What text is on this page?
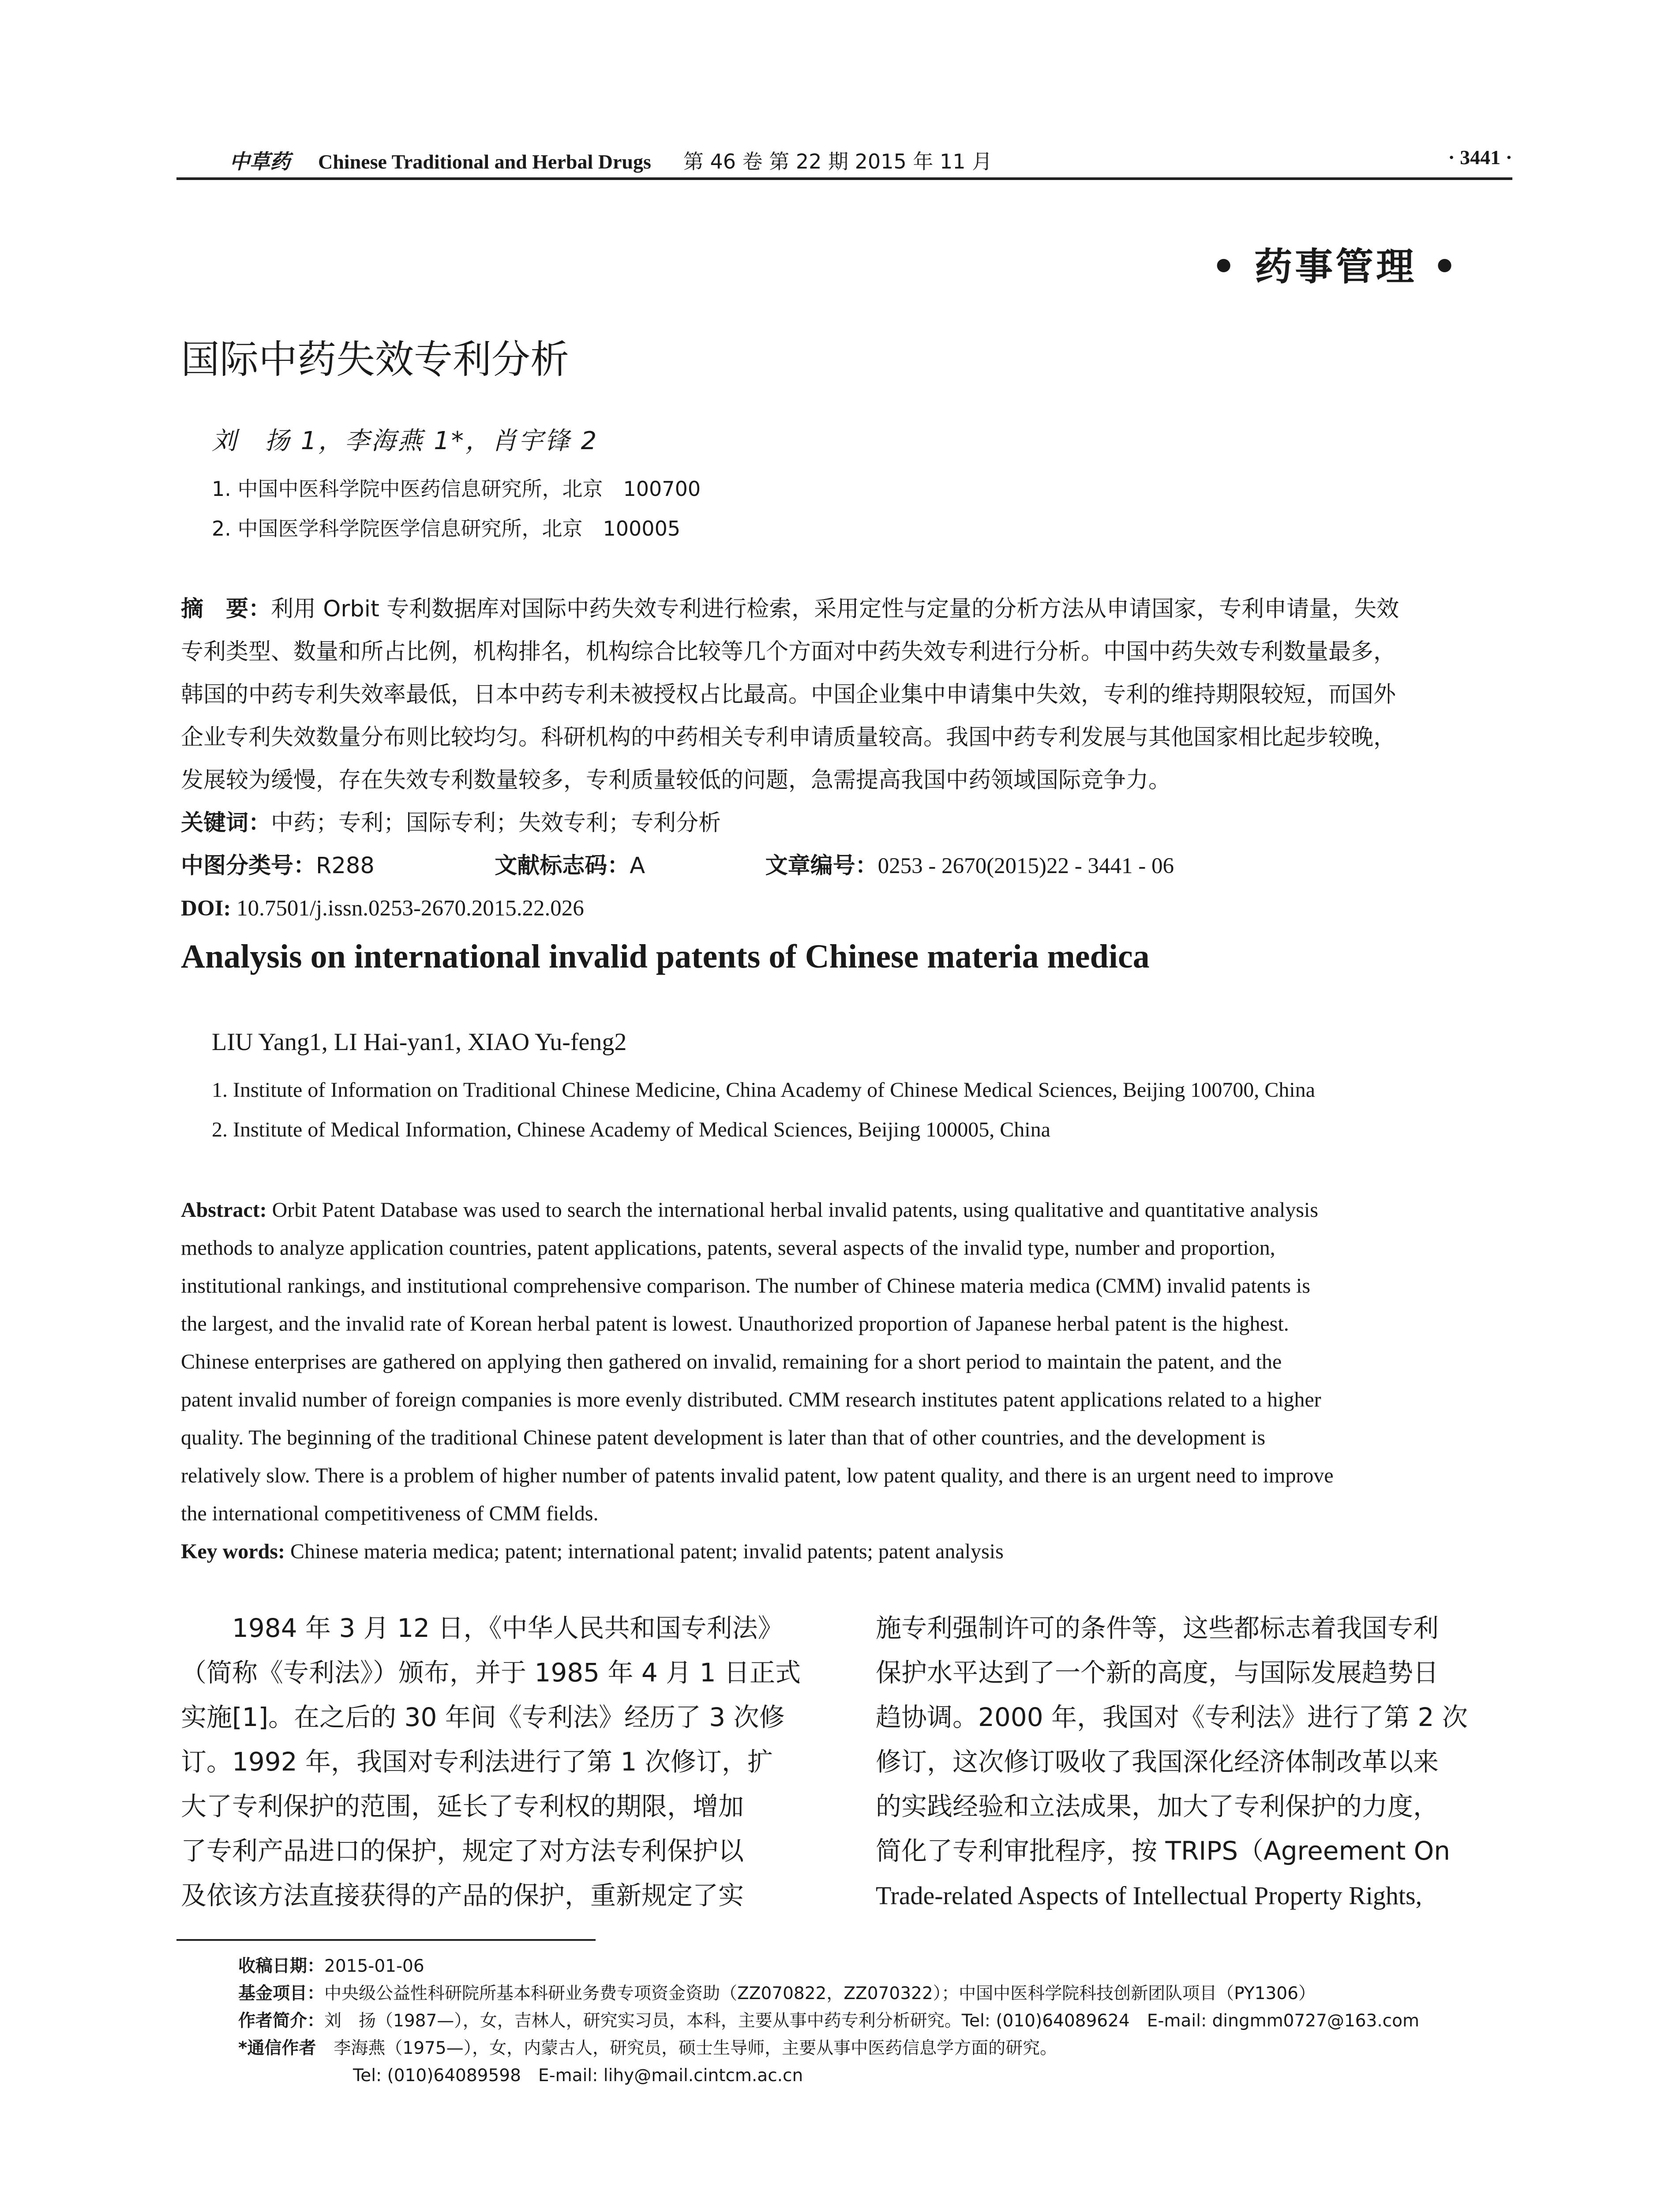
中草药 Chinese Traditional and Herbal Drugs 第 46 卷 第 22 期 2015 年 11 月	· 3441 ·
• 药事管理 •
国际中药失效专利分析
刘　扬 1，李海燕 1*，肖宇锋 2
1. 中国中医科学院中医药信息研究所，北京　100700
2. 中国医学科学院医学信息研究所，北京　100005
摘　要：利用 Orbit 专利数据库对国际中药失效专利进行检索，采用定性与定量的分析方法从申请国家，专利申请量，失效
专利类型、数量和所占比例，机构排名，机构综合比较等几个方面对中药失效专利进行分析。中国中药失效专利数量最多，
韩国的中药专利失效率最低，日本中药专利未被授权占比最高。中国企业集中申请集中失效，专利的维持期限较短，而国外
企业专利失效数量分布则比较均匀。科研机构的中药相关专利申请质量较高。我国中药专利发展与其他国家相比起步较晚，
发展较为缓慢，存在失效专利数量较多，专利质量较低的问题，急需提高我国中药领域国际竞争力。
关键词：中药；专利；国际专利；失效专利；专利分析
中图分类号：R288	文献标志码：A	文章编号：0253 - 2670(2015)22 - 3441 - 06
DOI: 10.7501/j.issn.0253-2670.2015.22.026
Analysis on international invalid patents of Chinese materia medica
LIU Yang1, LI Hai-yan1, XIAO Yu-feng2
1. Institute of Information on Traditional Chinese Medicine, China Academy of Chinese Medical Sciences, Beijing 100700, China
2. Institute of Medical Information, Chinese Academy of Medical Sciences, Beijing 100005, China
Abstract: Orbit Patent Database was used to search the international herbal invalid patents, using qualitative and quantitative analysis
methods to analyze application countries, patent applications, patents, several aspects of the invalid type, number and proportion,
institutional rankings, and institutional comprehensive comparison. The number of Chinese materia medica (CMM) invalid patents is
the largest, and the invalid rate of Korean herbal patent is lowest. Unauthorized proportion of Japanese herbal patent is the highest.
Chinese enterprises are gathered on applying then gathered on invalid, remaining for a short period to maintain the patent, and the
patent invalid number of foreign companies is more evenly distributed. CMM research institutes patent applications related to a higher
quality. The beginning of the traditional Chinese patent development is later than that of other countries, and the development is
relatively slow. There is a problem of higher number of patents invalid patent, low patent quality, and there is an urgent need to improve
the international competitiveness of CMM fields.
Key words: Chinese materia medica; patent; international patent; invalid patents; patent analysis
　　1984 年 3 月 12 日，《中华人民共和国专利法》
（简称《专利法》）颁布，并于 1985 年 4 月 1 日正式
实施[1]。在之后的 30 年间《专利法》经历了 3 次修
订。1992 年，我国对专利法进行了第 1 次修订，扩
大了专利保护的范围，延长了专利权的期限，增加
了专利产品进口的保护，规定了对方法专利保护以
及依该方法直接获得的产品的保护，重新规定了实
施专利强制许可的条件等，这些都标志着我国专利
保护水平达到了一个新的高度，与国际发展趋势日
趋协调。2000 年，我国对《专利法》进行了第 2 次
修订，这次修订吸收了我国深化经济体制改革以来
的实践经验和立法成果，加大了专利保护的力度，
简化了专利审批程序，按 TRIPS（Agreement On
Trade-related Aspects of Intellectual Property Rights,
收稿日期：2015-01-06
基金项目：中央级公益性科研院所基本科研业务费专项资金资助（ZZ070822，ZZ070322）；中国中医科学院科技创新团队项目（PY1306）
作者简介：刘　扬（1987—），女，吉林人，研究实习员，本科，主要从事中药专利分析研究。Tel: (010)64089624　E-mail: dingmm0727@163.com
*通信作者 李海燕（1975—），女，内蒙古人，研究员，硕士生导师，主要从事中医药信息学方面的研究。
Tel: (010)64089598　E-mail: lihy@mail.cintcm.ac.cn
